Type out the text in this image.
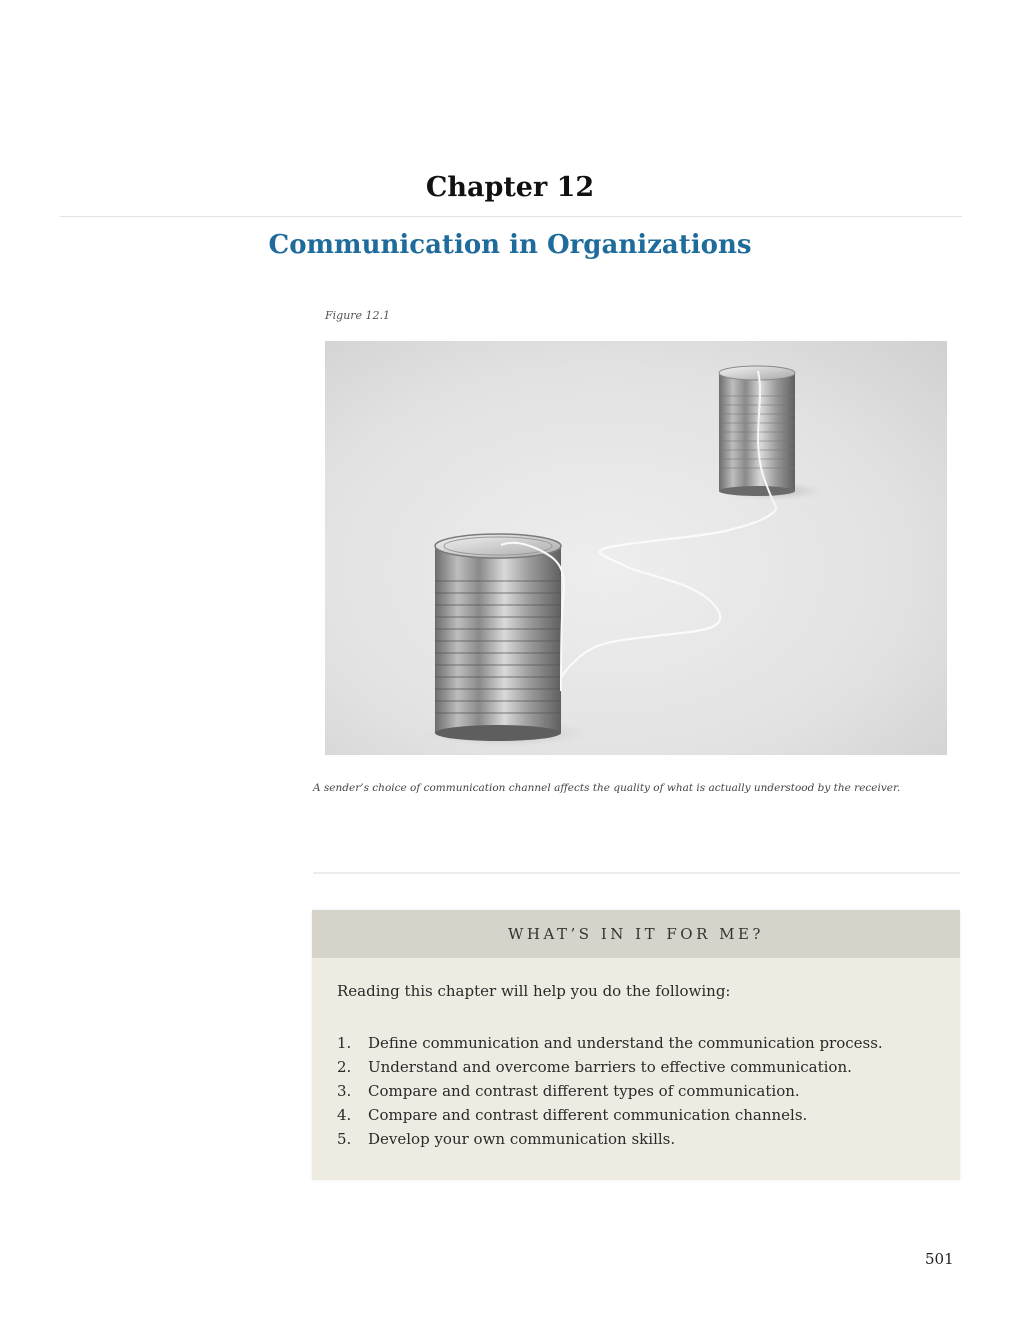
Chapter 12
Communication in Organizations
Figure 12.1
A sender’s choice of communication channel affects the quality of what is actually understood by the receiver.
WHAT’S IN IT FOR ME?
Reading this chapter will help you do the following:
1.	Define communication and understand the communication process.
2.	Understand and overcome barriers to effective communication.
3.	Compare and contrast different types of communication.
4.	Compare and contrast different communication channels.
5.	Develop your own communication skills.
501
